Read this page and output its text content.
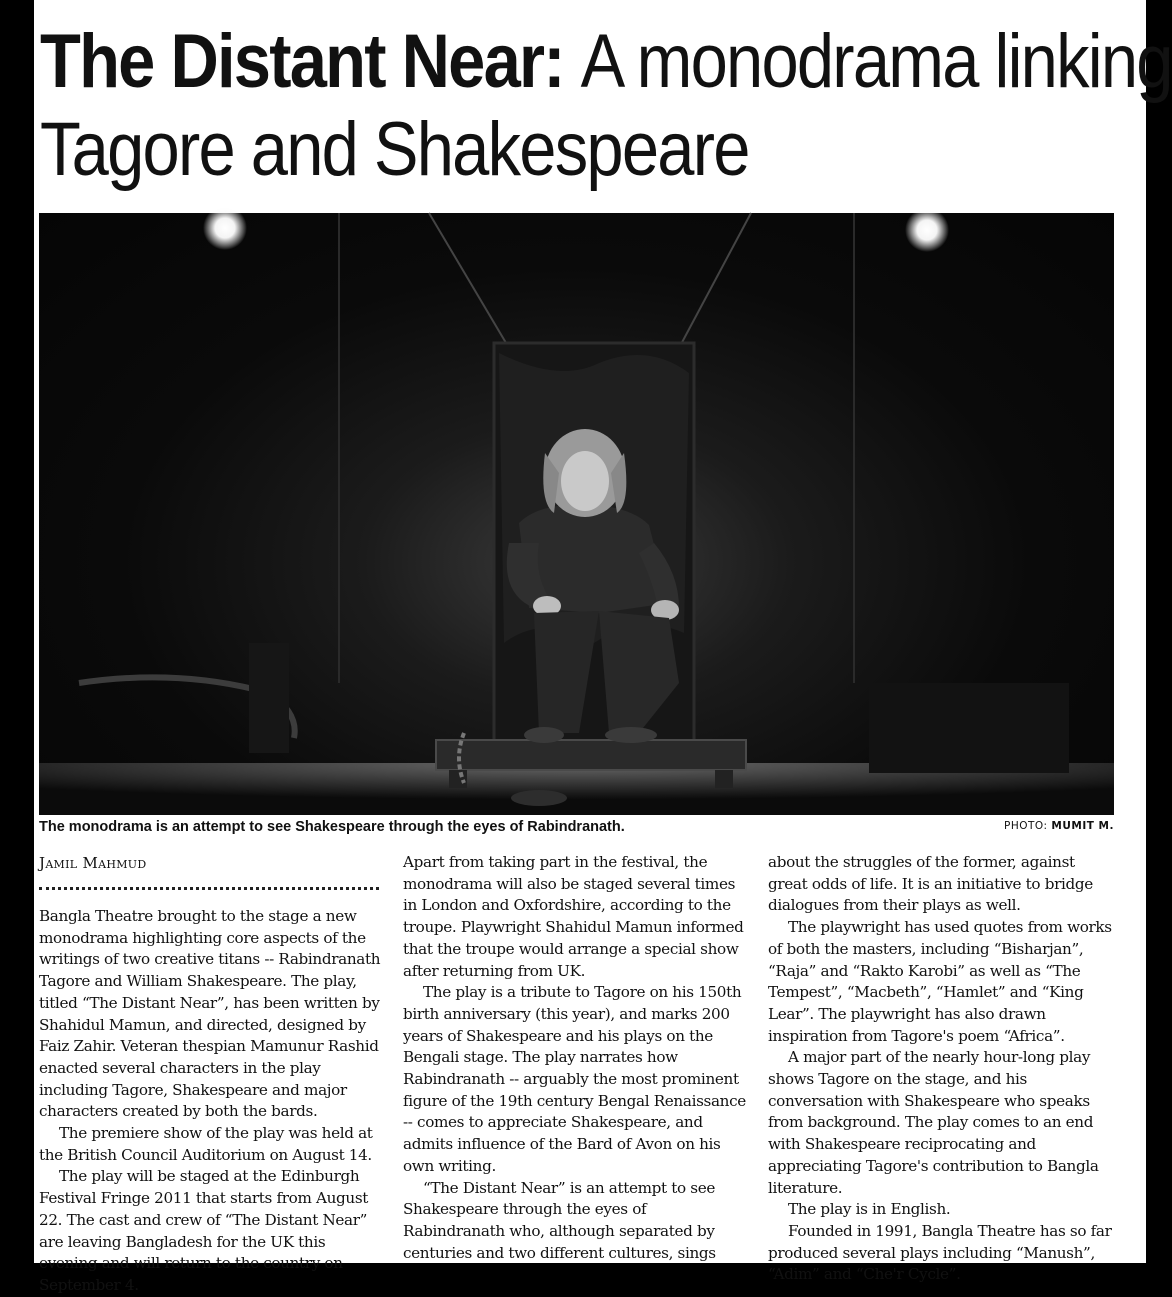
The Distant Near: A monodrama linking
Tagore and Shakespeare
The monodrama is an attempt to see Shakespeare through the eyes of Rabindranath.	PHOTO: MUMIT M.
Jamil Mahmud

Bangla Theatre brought to the stage a new monodrama highlighting core aspects of the writings of two creative titans -- Rabindranath Tagore and William Shakespeare. The play, titled “The Distant Near”, has been written by Shahidul Mamun, and directed, designed by Faiz Zahir. Veteran thespian Mamunur Rashid enacted several characters in the play including Tagore, Shakespeare and major characters created by both the bards.

The premiere show of the play was held at the British Council Auditorium on August 14.

The play will be staged at the Edinburgh Festival Fringe 2011 that starts from August 22. The cast and crew of “The Distant Near” are leaving Bangladesh for the UK this evening and will return to the country on September 4.

Apart from taking part in the festival, the monodrama will also be staged several times in London and Oxfordshire, according to the troupe. Playwright Shahidul Mamun informed that the troupe would arrange a special show after returning from UK.

The play is a tribute to Tagore on his 150th birth anniversary (this year), and marks 200 years of Shakespeare and his plays on the Bengali stage. The play narrates how Rabindranath -- arguably the most prominent figure of the 19th century Bengal Renaissance -- comes to appreciate Shakespeare, and admits influence of the Bard of Avon on his own writing.

“The Distant Near” is an attempt to see Shakespeare through the eyes of Rabindranath who, although separated by centuries and two different cultures, sings

about the struggles of the former, against great odds of life. It is an initiative to bridge dialogues from their plays as well.

The playwright has used quotes from works of both the masters, including “Bisharjan”, “Raja” and “Rakto Karobi” as well as “The Tempest”, “Macbeth”, “Hamlet” and “King Lear”. The playwright has also drawn inspiration from Tagore's poem “Africa”.

A major part of the nearly hour-long play shows Tagore on the stage, and his conversation with Shakespeare who speaks from background. The play comes to an end with Shakespeare reciprocating and appreciating Tagore's contribution to Bangla literature.

The play is in English.

Founded in 1991, Bangla Theatre has so far produced several plays including “Manush”, “Adim” and “Che'r Cycle”.
